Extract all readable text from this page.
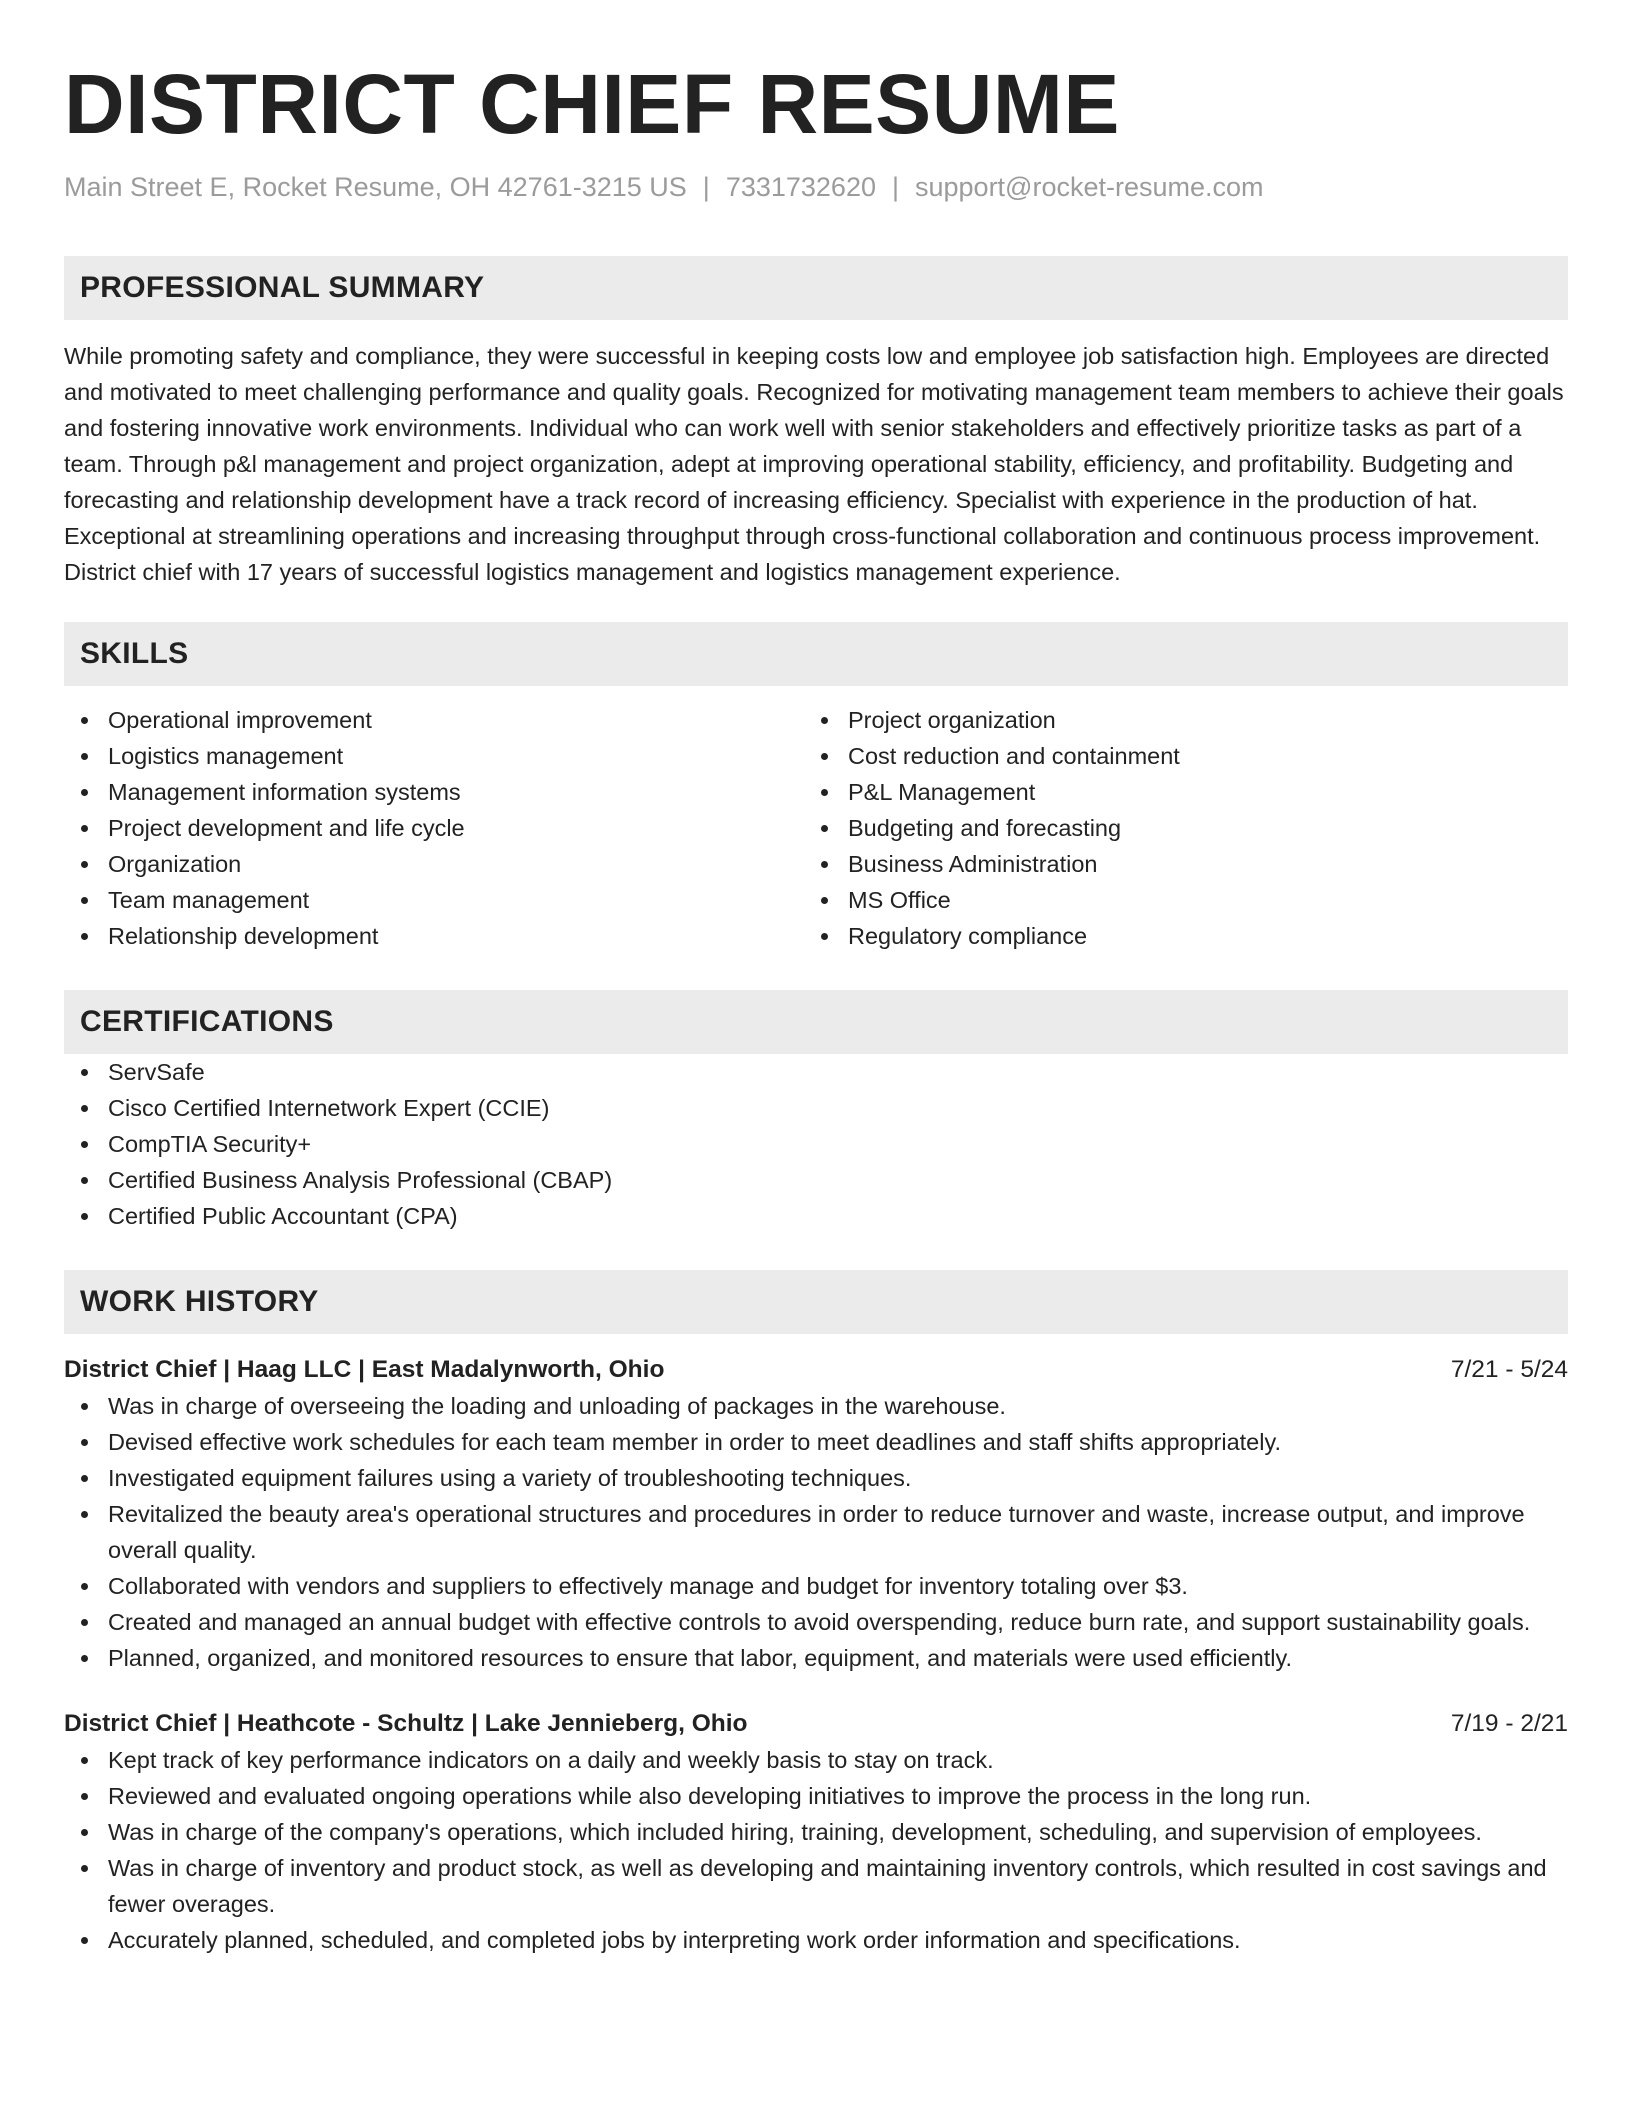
DISTRICT CHIEF RESUME
Main Street E, Rocket Resume, OH 42761-3215 US | 7331732620 | support@rocket-resume.com
PROFESSIONAL SUMMARY

While promoting safety and compliance, they were successful in keeping costs low and employee job satisfaction high. Employees are directed and motivated to meet challenging performance and quality goals. Recognized for motivating management team members to achieve their goals and fostering innovative work environments. Individual who can work well with senior stakeholders and effectively prioritize tasks as part of a team. Through p&l management and project organization, adept at improving operational stability, efficiency, and profitability. Budgeting and forecasting and relationship development have a track record of increasing efficiency. Specialist with experience in the production of hat. Exceptional at streamlining operations and increasing throughput through cross-functional collaboration and continuous process improvement. District chief with 17 years of successful logistics management and logistics management experience.

SKILLS
Operational improvement
Logistics management
Management information systems
Project development and life cycle
Organization
Team management
Relationship development
Project organization
Cost reduction and containment
P&L Management
Budgeting and forecasting
Business Administration
MS Office
Regulatory compliance
CERTIFICATIONS
ServSafe
Cisco Certified Internetwork Expert (CCIE)
CompTIA Security+
Certified Business Analysis Professional (CBAP)
Certified Public Accountant (CPA)
WORK HISTORY
District Chief | Haag LLC | East Madalynworth, Ohio	7/21 - 5/24
Was in charge of overseeing the loading and unloading of packages in the warehouse.
Devised effective work schedules for each team member in order to meet deadlines and staff shifts appropriately.
Investigated equipment failures using a variety of troubleshooting techniques.
Revitalized the beauty area's operational structures and procedures in order to reduce turnover and waste, increase output, and improve overall quality.
Collaborated with vendors and suppliers to effectively manage and budget for inventory totaling over $3.
Created and managed an annual budget with effective controls to avoid overspending, reduce burn rate, and support sustainability goals.
Planned, organized, and monitored resources to ensure that labor, equipment, and materials were used efficiently.
District Chief | Heathcote - Schultz | Lake Jennieberg, Ohio	7/19 - 2/21
Kept track of key performance indicators on a daily and weekly basis to stay on track.
Reviewed and evaluated ongoing operations while also developing initiatives to improve the process in the long run.
Was in charge of the company's operations, which included hiring, training, development, scheduling, and supervision of employees.
Was in charge of inventory and product stock, as well as developing and maintaining inventory controls, which resulted in cost savings and fewer overages.
Accurately planned, scheduled, and completed jobs by interpreting work order information and specifications.
